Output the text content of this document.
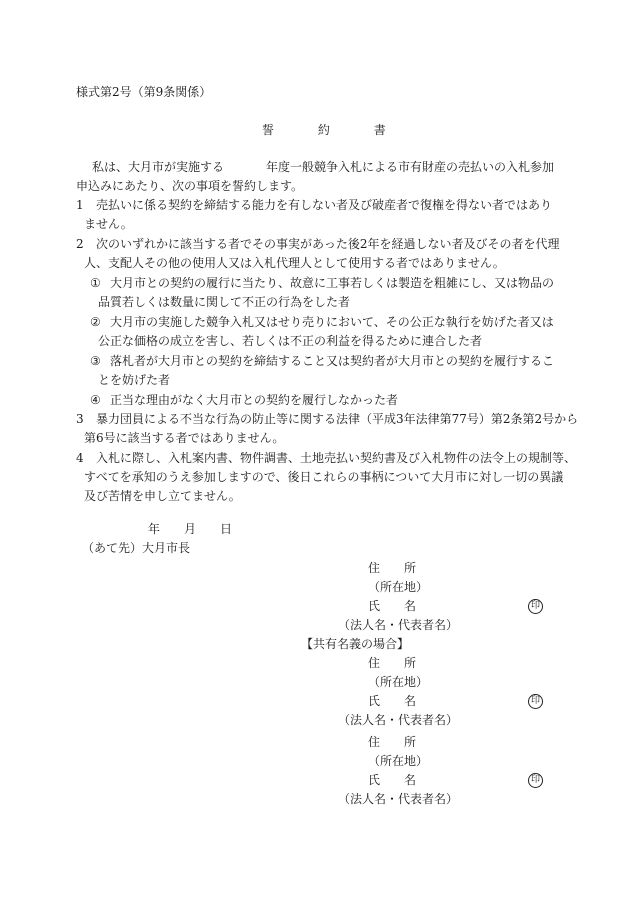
様式第2号（第9条関係）
誓	約	書
私は、大月市が実施する	年度一般競争入札による市有財産の売払いの入札参加
申込みにあたり、次の事項を誓約します。
1 売払いに係る契約を締結する能力を有しない者及び破産者で復権を得ない者ではあり
ません。
2 次のいずれかに該当する者でその事実があった後2年を経過しない者及びその者を代理
人、支配人その他の使用人又は入札代理人として使用する者ではありません。
① 大月市との契約の履行に当たり、故意に工事若しくは製造を粗雑にし、又は物品の
品質若しくは数量に関して不正の行為をした者
② 大月市の実施した競争入札又はせり売りにおいて、その公正な執行を妨げた者又は
公正な価格の成立を害し、若しくは不正の利益を得るために連合した者
③ 落札者が大月市との契約を締結すること又は契約者が大月市との契約を履行するこ
とを妨げた者
④ 正当な理由がなく大月市との契約を履行しなかった者
3 暴力団員による不当な行為の防止等に関する法律（平成3年法律第77号）第2条第2号から
第6号に該当する者ではありません。
4 入札に際し、入札案内書、物件調書、土地売払い契約書及び入札物件の法令上の規制等、
すべてを承知のうえ参加しますので、後日これらの事柄について大月市に対し一切の異議
及び苦情を申し立てません。
年 月 日
（あて先）大月市長
住　　所
（所在地）
氏　　名	印
（法人名・代表者名）
【共有名義の場合】
住　　所
（所在地）
氏　　名	印
（法人名・代表者名）
住　　所
（所在地）
氏　　名	印
（法人名・代表者名）
